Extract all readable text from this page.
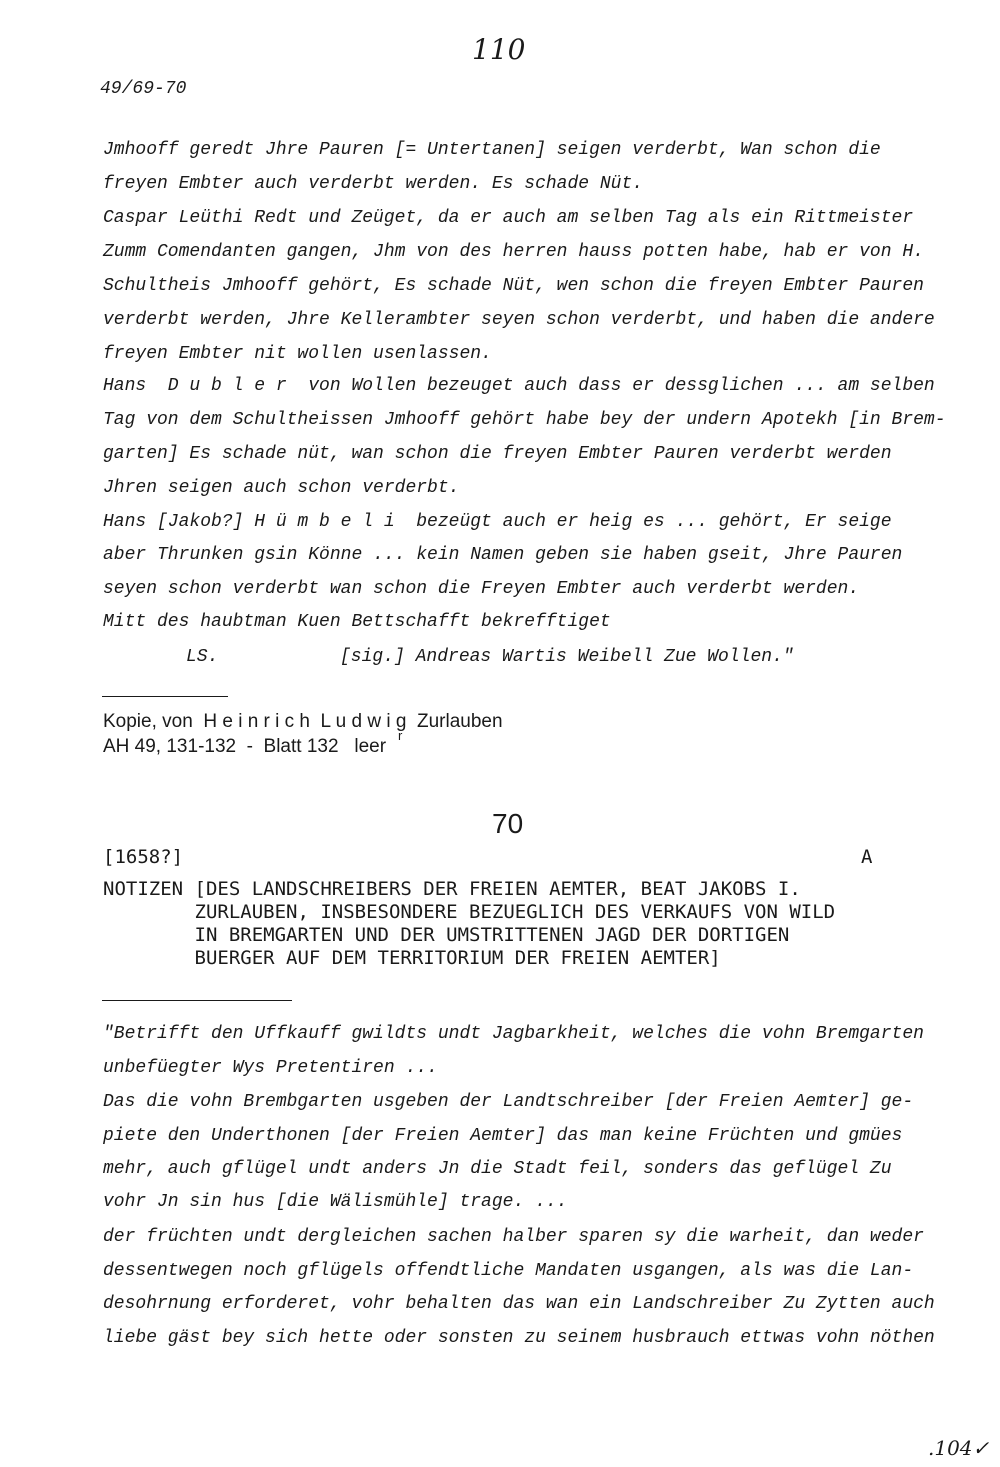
110
49/69-70
Jmhooff geredt Jhre Pauren [= Untertanen] seigen verderbt, Wan schon die
freyen Embter auch verderbt werden. Es schade Nüt.
Caspar Leüthi Redt und Zeüget, da er auch am selben Tag als ein Rittmeister
Zumm Comendanten gangen, Jhm von des herren hauss potten habe, hab er von H.
Schultheis Jmhooff gehört, Es schade Nüt, wen schon die freyen Embter Pauren
verderbt werden, Jhre Kellerambter seyen schon verderbt, und haben die andere
freyen Embter nit wollen usenlassen.
Hans  D u b l e r  von Wollen bezeuget auch dass er dessglichen ... am selben
Tag von dem Schultheissen Jmhooff gehört habe bey der undern Apotekh [in Brem-
garten] Es schade nüt, wan schon die freyen Embter Pauren verderbt werden
Jhren seigen auch schon verderbt.
Hans [Jakob?] H ü m b e l i  bezeügt auch er heig es ... gehört, Er seige
aber Thrunken gsin Könne ... kein Namen geben sie haben gseit, Jhre Pauren
seyen schon verderbt wan schon die Freyen Embter auch verderbt werden.
Mitt des haubtman Kuen Bettschafft bekrefftiget
LS.	[sig.] Andreas Wartis Weibell Zue Wollen."
Kopie, von  H e i n r i c h  L u d w i g  Zurlauben
AH 49, 131-132  -  Blatt 132   leer
r
70
[1658?]	A
NOTIZEN [DES LANDSCHREIBERS DER FREIEN AEMTER, BEAT JAKOBS I.
ZURLAUBEN, INSBESONDERE BEZUEGLICH DES VERKAUFS VON WILD
IN BREMGARTEN UND DER UMSTRITTENEN JAGD DER DORTIGEN
BUERGER AUF DEM TERRITORIUM DER FREIEN AEMTER]
"Betrifft den Uffkauff gwildts undt Jagbarkheit, welches die vohn Bremgarten
unbefüegter Wys Pretentiren ...
Das die vohn Brembgarten usgeben der Landtschreiber [der Freien Aemter] ge-
piete den Underthonen [der Freien Aemter] das man keine Früchten und gmües
mehr, auch gflügel undt anders Jn die Stadt feil, sonders das geflügel Zu
vohr Jn sin hus [die Wälismühle] trage. ...
der früchten undt dergleichen sachen halber sparen sy die warheit, dan weder
dessentwegen noch gflügels offendtliche Mandaten usgangen, als was die Lan-
desohrnung erforderet, vohr behalten das wan ein Landschreiber Zu Zytten auch
liebe gäst bey sich hette oder sonsten zu seinem husbrauch ettwas vohn nöthen
.104✓
